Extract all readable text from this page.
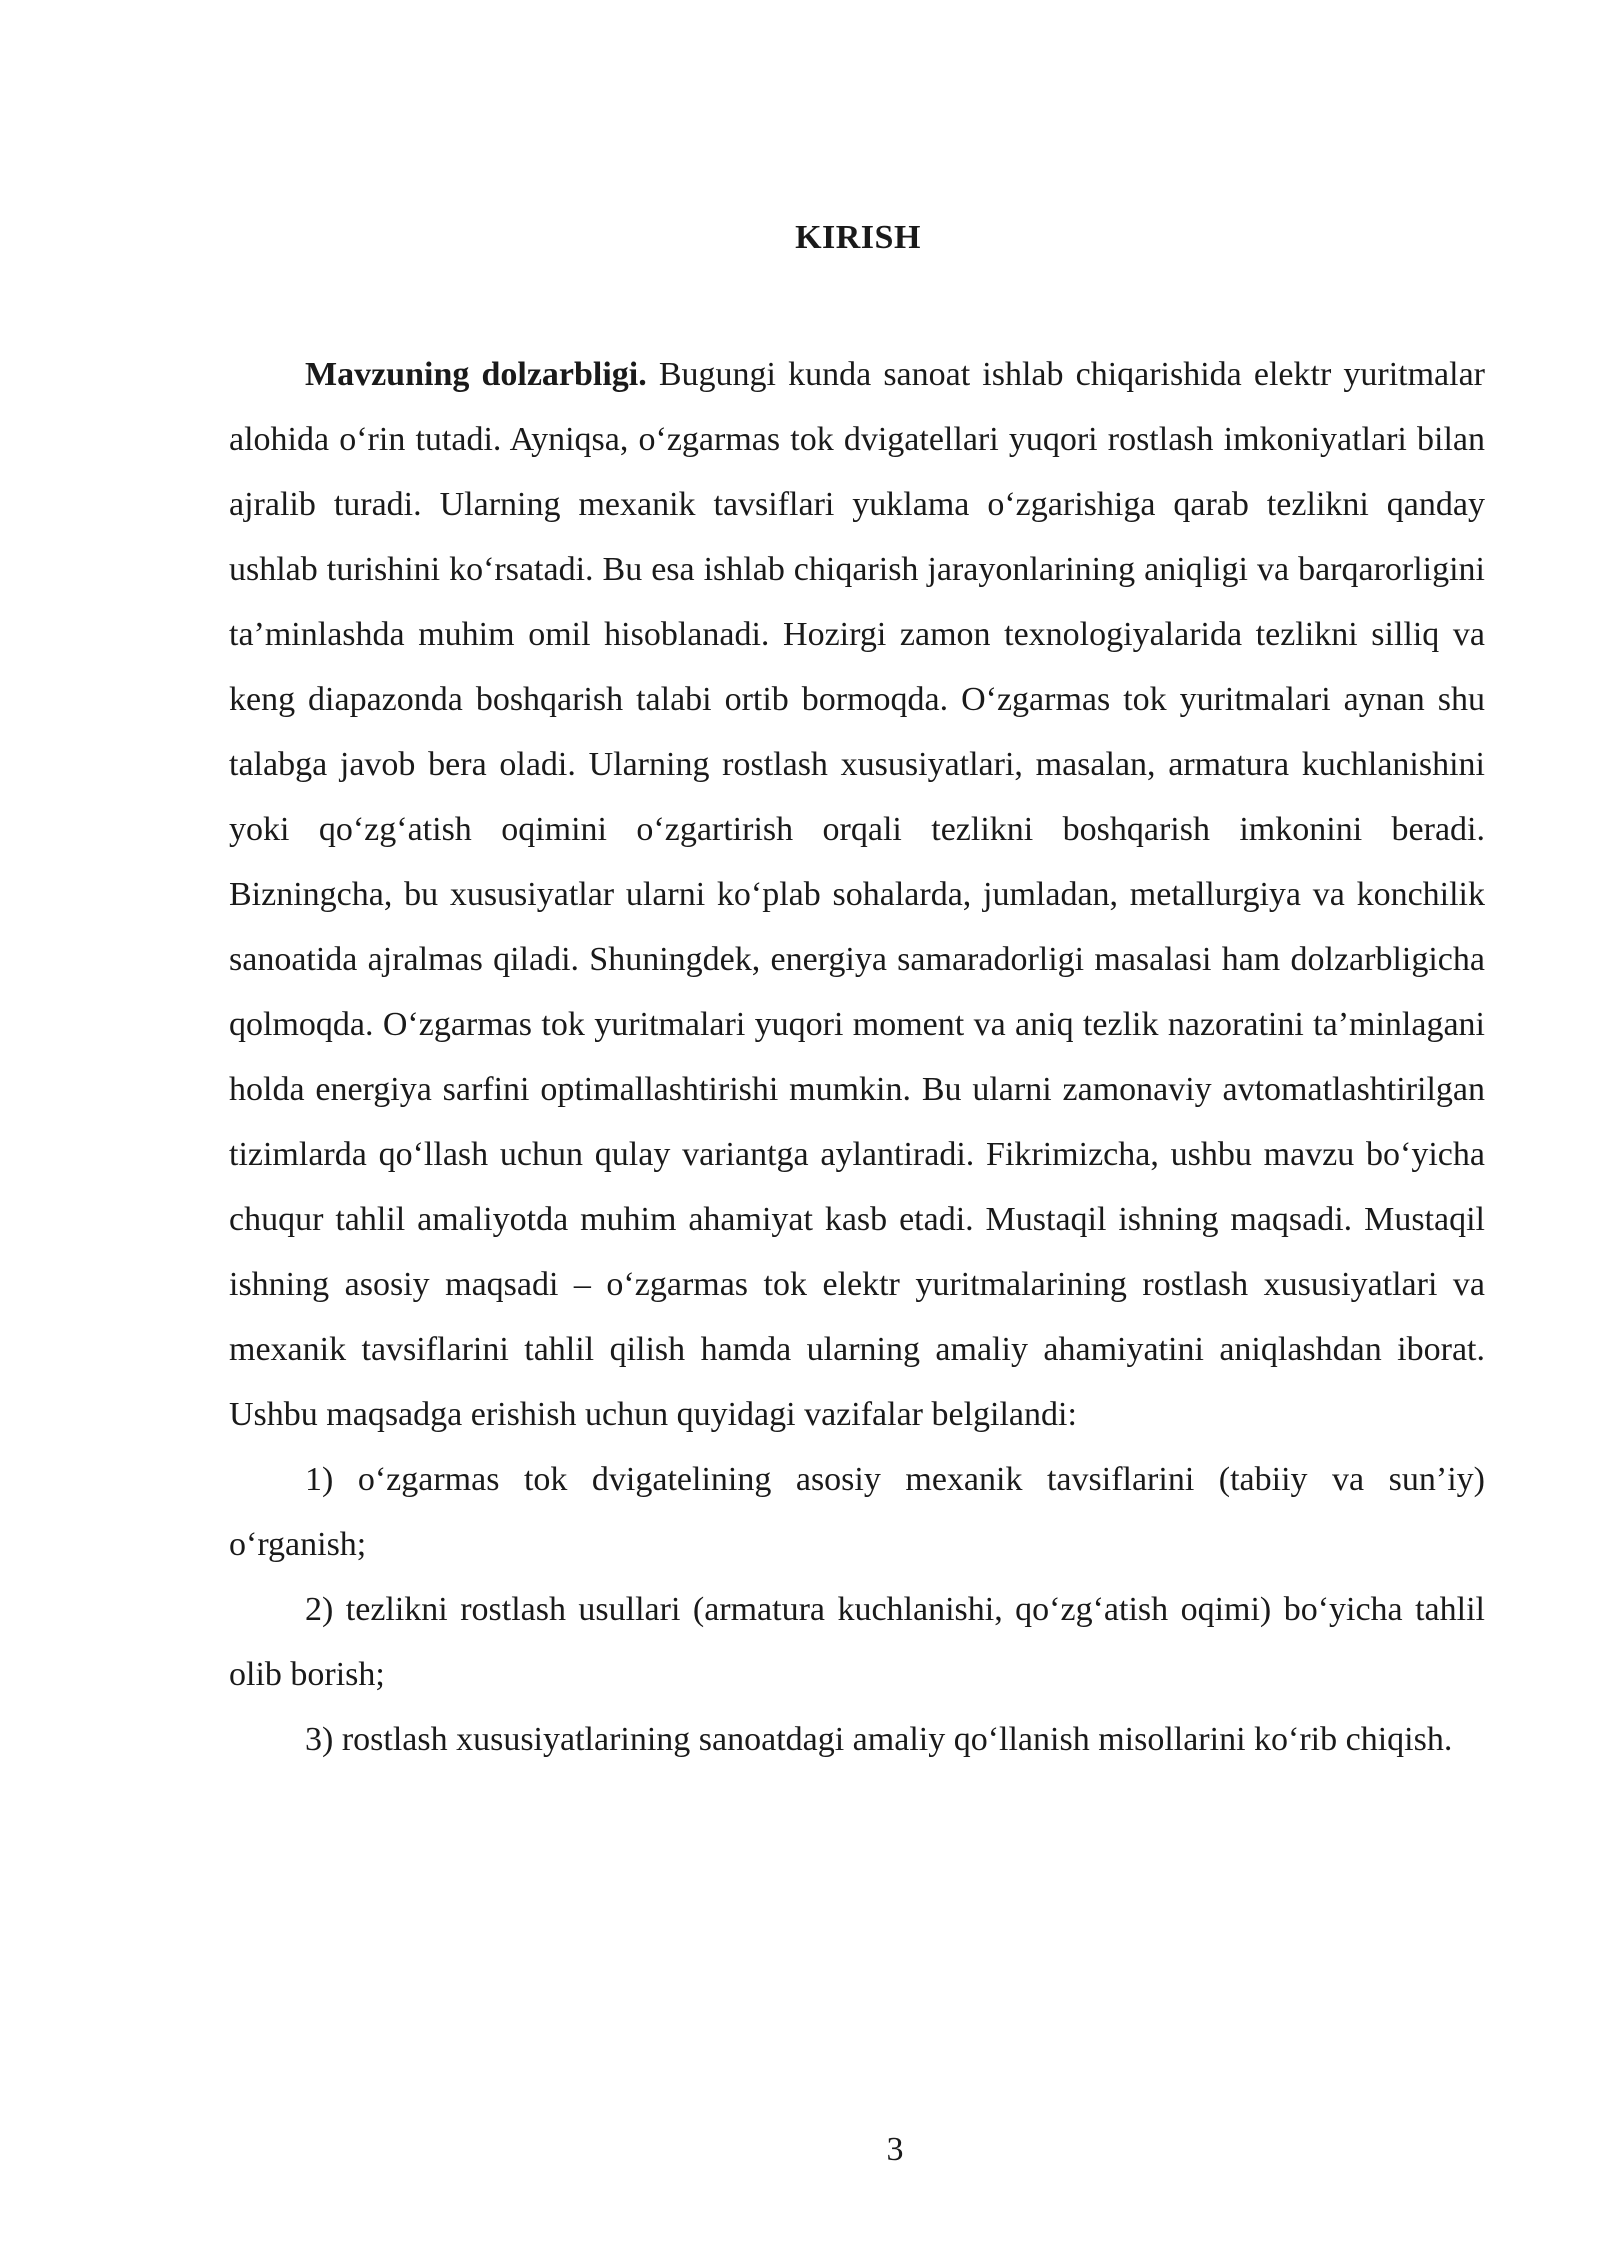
KIRISH

Mavzuning dolzarbligi. Bugungi kunda sanoat ishlab chiqarishida elektr yuritmalar alohida o‘rin tutadi. Ayniqsa, o‘zgarmas tok dvigatellari yuqori rostlash imkoniyatlari bilan ajralib turadi. Ularning mexanik tavsiflari yuklama o‘zgarishiga qarab tezlikni qanday ushlab turishini ko‘rsatadi. Bu esa ishlab chiqarish jarayonlarining aniqligi va barqarorligini ta’minlashda muhim omil hisoblanadi. Hozirgi zamon texnologiyalarida tezlikni silliq va keng diapazonda boshqarish talabi ortib bormoqda. O‘zgarmas tok yuritmalari aynan shu talabga javob bera oladi. Ularning rostlash xususiyatlari, masalan, armatura kuchlanishini yoki qo‘zg‘atish oqimini o‘zgartirish orqali tezlikni boshqarish imkonini beradi. Bizningcha, bu xususiyatlar ularni ko‘plab sohalarda, jumladan, metallurgiya va konchilik sanoatida ajralmas qiladi. Shuningdek, energiya samaradorligi masalasi ham dolzarbligicha qolmoqda. O‘zgarmas tok yuritmalari yuqori moment va aniq tezlik nazoratini ta’minlagani holda energiya sarfini optimallashtirishi mumkin. Bu ularni zamonaviy avtomatlashtirilgan tizimlarda qo‘llash uchun qulay variantga aylantiradi. Fikrimizcha, ushbu mavzu bo‘yicha chuqur tahlil amaliyotda muhim ahamiyat kasb etadi. Mustaqil ishning maqsadi. Mustaqil ishning asosiy maqsadi – o‘zgarmas tok elektr yuritmalarining rostlash xususiyatlari va mexanik tavsiflarini tahlil qilish hamda ularning amaliy ahamiyatini aniqlashdan iborat. Ushbu maqsadga erishish uchun quyidagi vazifalar belgilandi:

1) o‘zgarmas tok dvigatelining asosiy mexanik tavsiflarini (tabiiy va sun’iy) o‘rganish;

2) tezlikni rostlash usullari (armatura kuchlanishi, qo‘zg‘atish oqimi) bo‘yicha tahlil olib borish;

3) rostlash xususiyatlarining sanoatdagi amaliy qo‘llanish misollarini ko‘rib chiqish.

3
